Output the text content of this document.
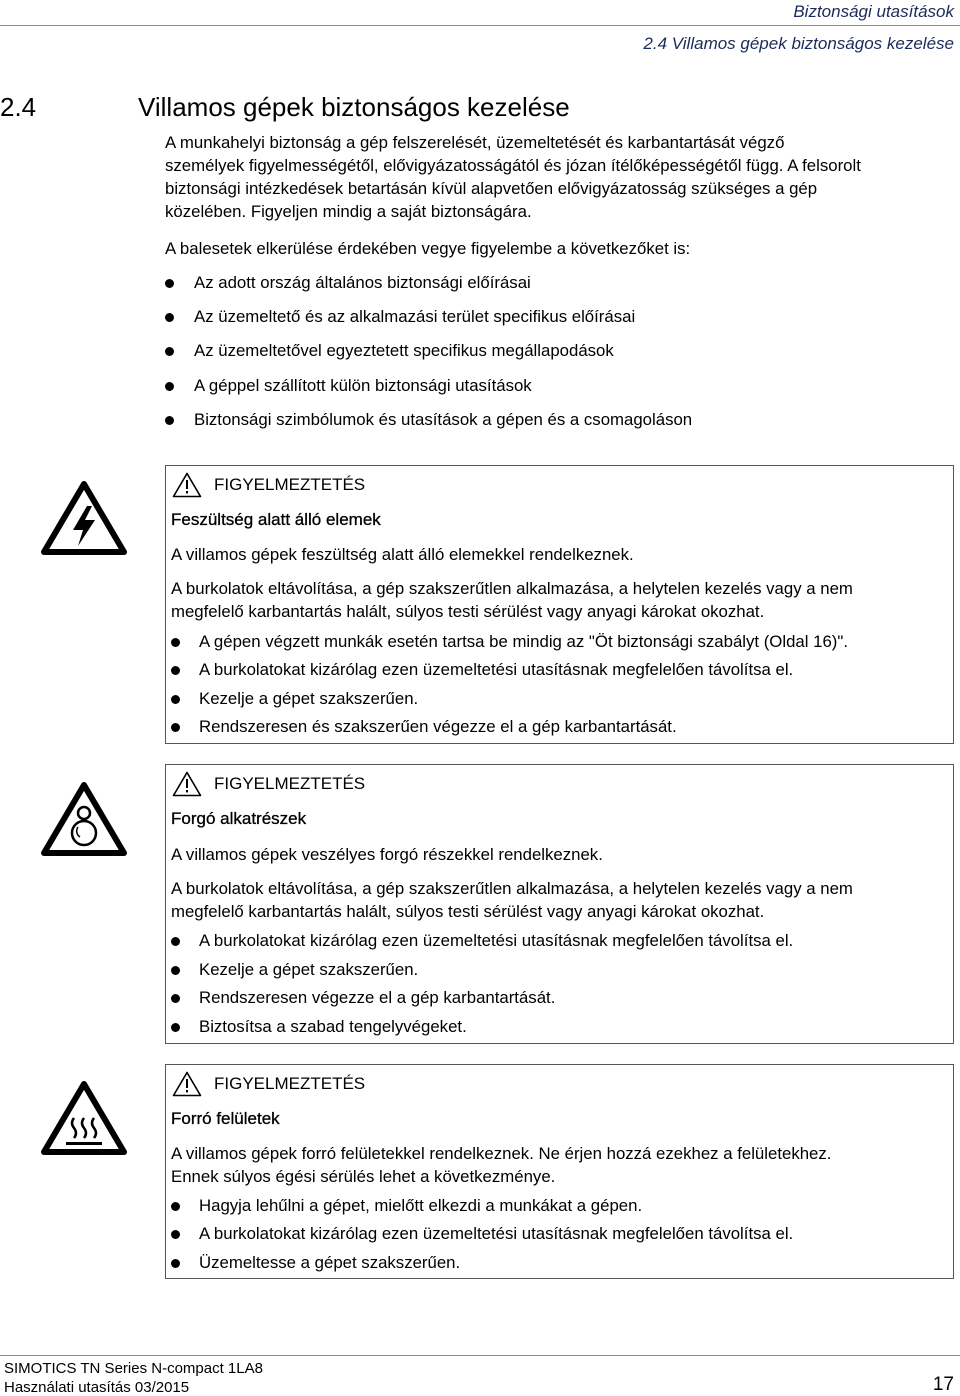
Biztonsági utasítások
2.4 Villamos gépek biztonságos kezelése
2.4	Villamos gépek biztonságos kezelése
A munkahelyi biztonság a gép felszerelését, üzemeltetését és karbantartását végző
személyek figyelmességétől, elővigyázatosságától és józan ítélőképességétől függ. A felsorolt
biztonsági intézkedések betartásán kívül alapvetően elővigyázatosság szükséges a gép
közelében. Figyeljen mindig a saját biztonságára.
A balesetek elkerülése érdekében vegye figyelembe a következőket is:
Az adott ország általános biztonsági előírásai
Az üzemeltető és az alkalmazási terület specifikus előírásai
Az üzemeltetővel egyeztetett specifikus megállapodások
A géppel szállított külön biztonsági utasítások
Biztonsági szimbólumok és utasítások a gépen és a csomagoláson
FIGYELMEZTETÉS
Feszültség alatt álló elemek
A villamos gépek feszültség alatt álló elemekkel rendelkeznek.
A burkolatok eltávolítása, a gép szakszerűtlen alkalmazása, a helytelen kezelés vagy a nem
megfelelő karbantartás halált, súlyos testi sérülést vagy anyagi károkat okozhat.
A gépen végzett munkák esetén tartsa be mindig az "Öt biztonsági szabályt (Oldal 16)".
A burkolatokat kizárólag ezen üzemeltetési utasításnak megfelelően távolítsa el.
Kezelje a gépet szakszerűen.
Rendszeresen és szakszerűen végezze el a gép karbantartását.
FIGYELMEZTETÉS
Forgó alkatrészek
A villamos gépek veszélyes forgó részekkel rendelkeznek.
A burkolatok eltávolítása, a gép szakszerűtlen alkalmazása, a helytelen kezelés vagy a nem
megfelelő karbantartás halált, súlyos testi sérülést vagy anyagi károkat okozhat.
A burkolatokat kizárólag ezen üzemeltetési utasításnak megfelelően távolítsa el.
Kezelje a gépet szakszerűen.
Rendszeresen végezze el a gép karbantartását.
Biztosítsa a szabad tengelyvégeket.
FIGYELMEZTETÉS
Forró felületek
A villamos gépek forró felületekkel rendelkeznek. Ne érjen hozzá ezekhez a felületekhez.
Ennek súlyos égési sérülés lehet a következménye.
Hagyja lehűlni a gépet, mielőtt elkezdi a munkákat a gépen.
A burkolatokat kizárólag ezen üzemeltetési utasításnak megfelelően távolítsa el.
Üzemeltesse a gépet szakszerűen.
SIMOTICS TN Series N-compact 1LA8
Használati utasítás 03/2015	17
